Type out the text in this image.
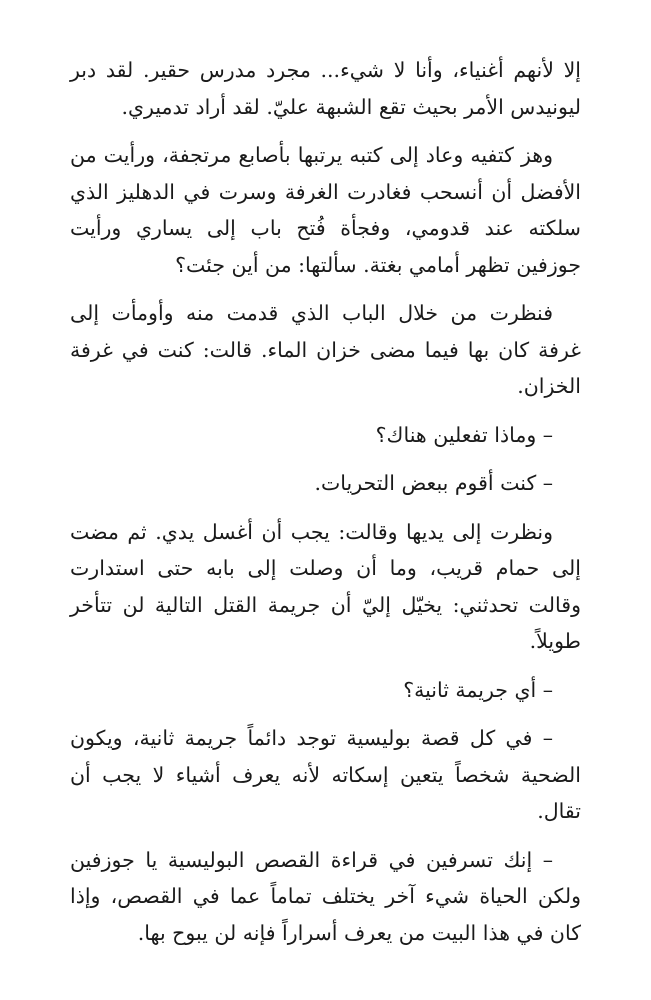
إلا لأنهم أغنياء، وأنا لا شيء... مجرد مدرس حقير. لقد دبر ليونيدس الأمر بحيث تقع الشبهة عليّ. لقد أراد تدميري.

وهز كتفيه وعاد إلى كتبه يرتبها بأصابع مرتجفة، ورأيت من الأفضل أن أنسحب فغادرت الغرفة وسرت في الدهليز الذي سلكته عند قدومي، وفجأة فُتح باب إلى يساري ورأيت جوزفين تظهر أمامي بغتة. سألتها: من أين جئت؟

فنظرت من خلال الباب الذي قدمت منه وأومأت إلى غرفة كان بها فيما مضى خزان الماء. قالت: كنت في غرفة الخزان.

– وماذا تفعلين هناك؟

– كنت أقوم ببعض التحريات.

ونظرت إلى يديها وقالت: يجب أن أغسل يدي. ثم مضت إلى حمام قريب، وما أن وصلت إلى بابه حتى استدارت وقالت تحدثني: يخيّل إليّ أن جريمة القتل التالية لن تتأخر طويلاً.

– أي جريمة ثانية؟

– في كل قصة بوليسية توجد دائماً جريمة ثانية، ويكون الضحية شخصاً يتعين إسكاته لأنه يعرف أشياء لا يجب أن تقال.

– إنك تسرفين في قراءة القصص البوليسية يا جوزفين ولكن الحياة شيء آخر يختلف تماماً عما في القصص، وإذا كان في هذا البيت من يعرف أسراراً فإنه لن يبوح بها.
